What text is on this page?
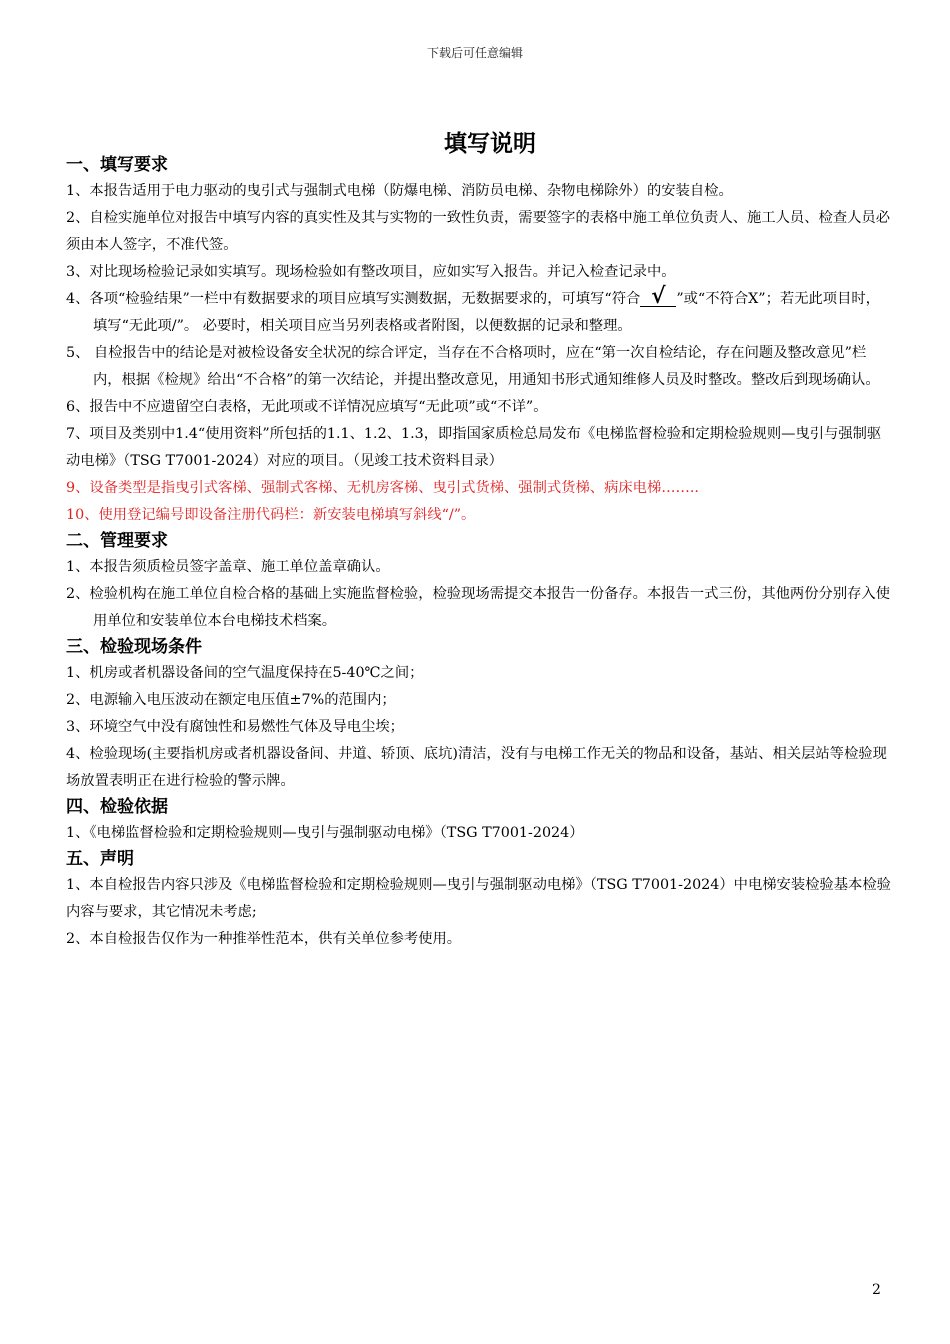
下载后可任意编辑
填写说明

一、填写要求

1、本报告适用于电力驱动的曳引式与强制式电梯（防爆电梯、消防员电梯、杂物电梯除外）的安装自检。

2、自检实施单位对报告中填写内容的真实性及其与实物的一致性负责，需要签字的表格中施工单位负责人、施工人员、检查人员必须由本人签字，不准代签。

3、对比现场检验记录如实填写。现场检验如有整改项目，应如实写入报告。并记入检查记录中。

4、各项“检验结果”一栏中有数据要求的项目应填写实测数据，无数据要求的，可填写“符合 √ ”或“不符合X”；若无此项目时，填写“无此项/”。 必要时，相关项目应当另列表格或者附图，以便数据的记录和整理。

5、 自检报告中的结论是对被检设备安全状况的综合评定，当存在不合格项时，应在“第一次自检结论，存在问题及整改意见”栏内，根据《检规》给出“不合格”的第一次结论，并提出整改意见，用通知书形式通知维修人员及时整改。整改后到现场确认。

6、报告中不应遗留空白表格，无此项或不详情况应填写“无此项”或“不详”。

7、项目及类别中1.4“使用资料”所包括的1.1、1.2、1.3，即指国家质检总局发布《电梯监督检验和定期检验规则—曳引与强制驱动电梯》（TSG T7001-2024）对应的项目。（见竣工技术资料目录）

9、设备类型是指曳引式客梯、强制式客梯、无机房客梯、曳引式货梯、强制式货梯、病床电梯……..

10、使用登记编号即设备注册代码栏：新安装电梯填写斜线“/”。

二、管理要求

1、本报告须质检员签字盖章、施工单位盖章确认。

2、检验机构在施工单位自检合格的基础上实施监督检验，检验现场需提交本报告一份备存。本报告一式三份，其他两份分别存入使用单位和安装单位本台电梯技术档案。

三、检验现场条件

1、机房或者机器设备间的空气温度保持在5-40℃之间；

2、电源输入电压波动在额定电压值±7%的范围内；

3、环境空气中没有腐蚀性和易燃性气体及导电尘埃；

4、检验现场(主要指机房或者机器设备间、井道、轿顶、底坑)清洁，没有与电梯工作无关的物品和设备，基站、相关层站等检验现场放置表明正在进行检验的警示牌。

四、检验依据

1、《电梯监督检验和定期检验规则—曳引与强制驱动电梯》（TSG T7001-2024）

五、声明

1、本自检报告内容只涉及《电梯监督检验和定期检验规则—曳引与强制驱动电梯》（TSG T7001-2024）中电梯安装检验基本检验内容与要求，其它情况未考虑;

2、本自检报告仅作为一种推举性范本，供有关单位参考使用。

2
